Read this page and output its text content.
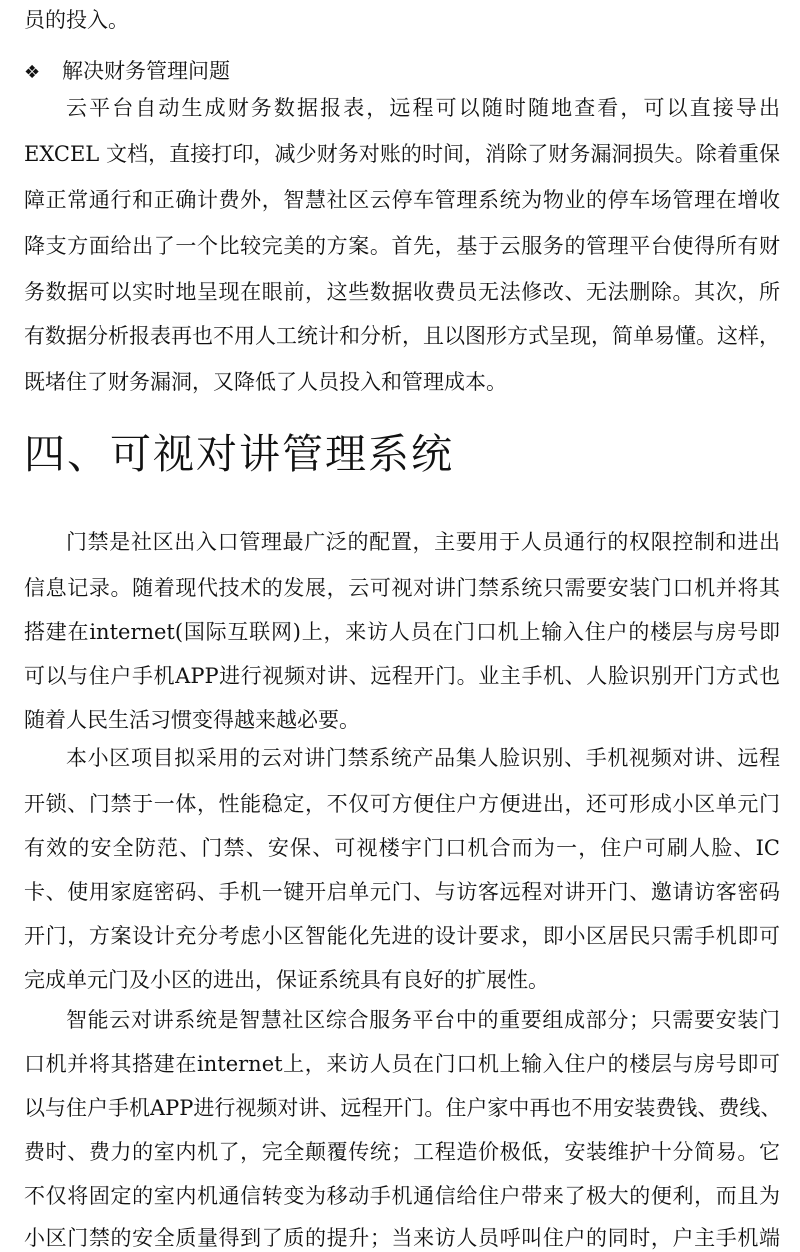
员的投入。
❖ 解决财务管理问题
云平台自动生成财务数据报表，远程可以随时随地查看，可以直接导出
EXCEL 文档，直接打印，减少财务对账的时间，消除了财务漏洞损失。除着重保
障正常通行和正确计费外，智慧社区云停车管理系统为物业的停车场管理在增收
降支方面给出了一个比较完美的方案。首先，基于云服务的管理平台使得所有财
务数据可以实时地呈现在眼前，这些数据收费员无法修改、无法删除。其次，所
有数据分析报表再也不用人工统计和分析，且以图形方式呈现，简单易懂。这样，
既堵住了财务漏洞，又降低了人员投入和管理成本。
四、可视对讲管理系统
门禁是社区出入口管理最广泛的配置，主要用于人员通行的权限控制和进出
信息记录。随着现代技术的发展，云可视对讲门禁系统只需要安装门口机并将其
搭建在internet(国际互联网)上，来访人员在门口机上输入住户的楼层与房号即
可以与住户手机APP进行视频对讲、远程开门。业主手机、人脸识别开门方式也
随着人民生活习惯变得越来越必要。
本小区项目拟采用的云对讲门禁系统产品集人脸识别、手机视频对讲、远程
开锁、门禁于一体，性能稳定，不仅可方便住户方便进出，还可形成小区单元门
有效的安全防范、门禁、安保、可视楼宇门口机合而为一，住户可刷人脸、IC
卡、使用家庭密码、手机一键开启单元门、与访客远程对讲开门、邀请访客密码
开门，方案设计充分考虑小区智能化先进的设计要求，即小区居民只需手机即可
完成单元门及小区的进出，保证系统具有良好的扩展性。
智能云对讲系统是智慧社区综合服务平台中的重要组成部分；只需要安装门
口机并将其搭建在internet上，来访人员在门口机上输入住户的楼层与房号即可
以与住户手机APP进行视频对讲、远程开门。住户家中再也不用安装费钱、费线、
费时、费力的室内机了，完全颠覆传统；工程造价极低，安装维护十分简易。它
不仅将固定的室内机通信转变为移动手机通信给住户带来了极大的便利，而且为
小区门禁的安全质量得到了质的提升；当来访人员呼叫住户的同时，户主手机端
